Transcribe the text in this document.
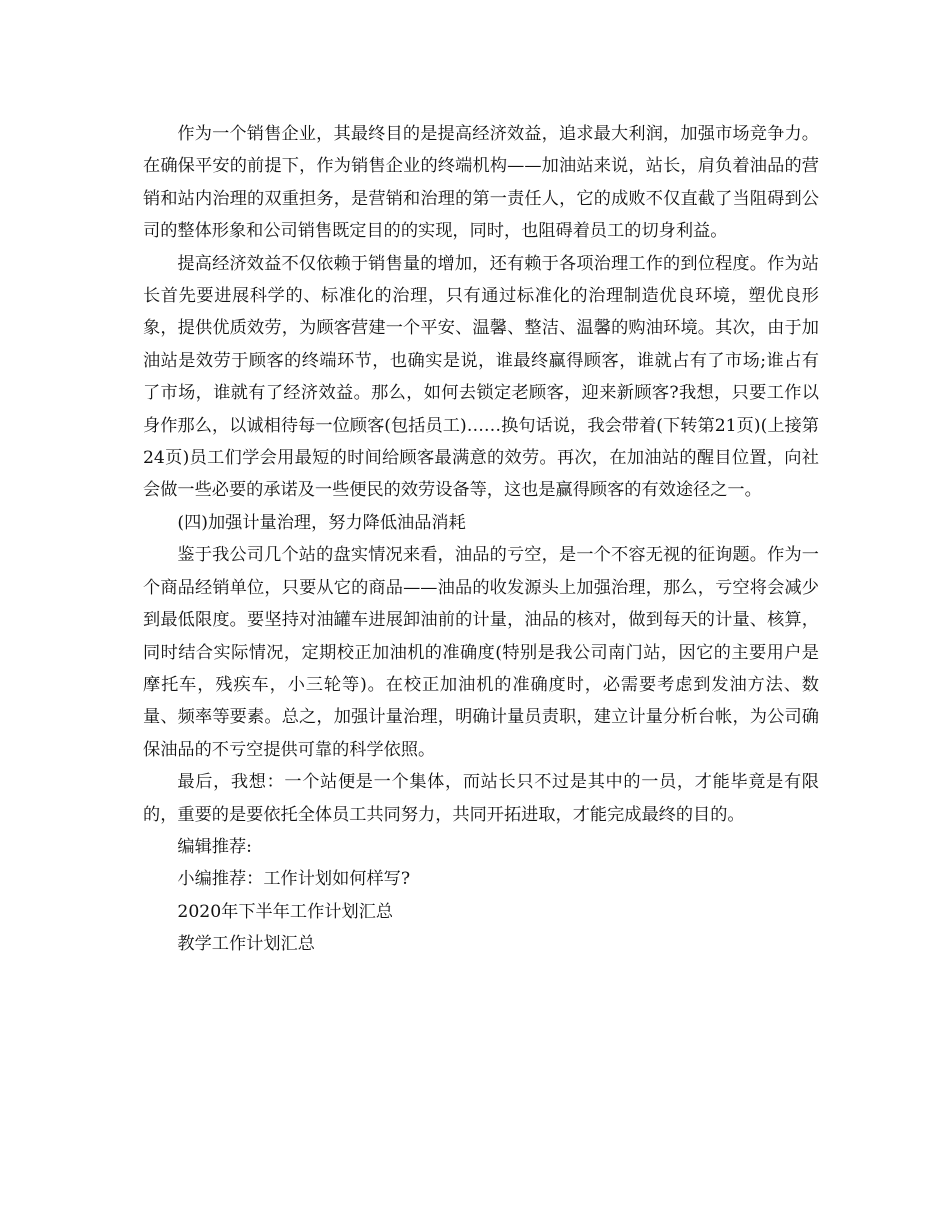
作为一个销售企业，其最终目的是提高经济效益，追求最大利润，加强市场竞争力。在确保平安的前提下，作为销售企业的终端机构——加油站来说，站长，肩负着油品的营销和站内治理的双重担务，是营销和治理的第一责任人，它的成败不仅直截了当阻碍到公司的整体形象和公司销售既定目的的实现，同时，也阻碍着员工的切身利益。

提高经济效益不仅依赖于销售量的增加，还有赖于各项治理工作的到位程度。作为站长首先要进展科学的、标准化的治理，只有通过标准化的治理制造优良环境，塑优良形象，提供优质效劳，为顾客营建一个平安、温馨、整洁、温馨的购油环境。其次，由于加油站是效劳于顾客的终端环节，也确实是说，谁最终赢得顾客，谁就占有了市场;谁占有了市场，谁就有了经济效益。那么，如何去锁定老顾客，迎来新顾客?我想，只要工作以身作那么，以诚相待每一位顾客(包括员工)……换句话说，我会带着(下转第21页)(上接第24页)员工们学会用最短的时间给顾客最满意的效劳。再次，在加油站的醒目位置，向社会做一些必要的承诺及一些便民的效劳设备等，这也是赢得顾客的有效途径之一。

(四)加强计量治理，努力降低油品消耗

鉴于我公司几个站的盘实情况来看，油品的亏空，是一个不容无视的征询题。作为一个商品经销单位，只要从它的商品——油品的收发源头上加强治理，那么，亏空将会减少到最低限度。要坚持对油罐车进展卸油前的计量，油品的核对，做到每天的计量、核算，同时结合实际情况，定期校正加油机的准确度(特别是我公司南门站，因它的主要用户是摩托车，残疾车，小三轮等)。在校正加油机的准确度时，必需要考虑到发油方法、数量、频率等要素。总之，加强计量治理，明确计量员责职，建立计量分析台帐，为公司确保油品的不亏空提供可靠的科学依照。

最后，我想：一个站便是一个集体，而站长只不过是其中的一员，才能毕竟是有限的，重要的是要依托全体员工共同努力，共同开拓进取，才能完成最终的目的。

编辑推荐:

小编推荐：工作计划如何样写?

2020年下半年工作计划汇总

教学工作计划汇总
